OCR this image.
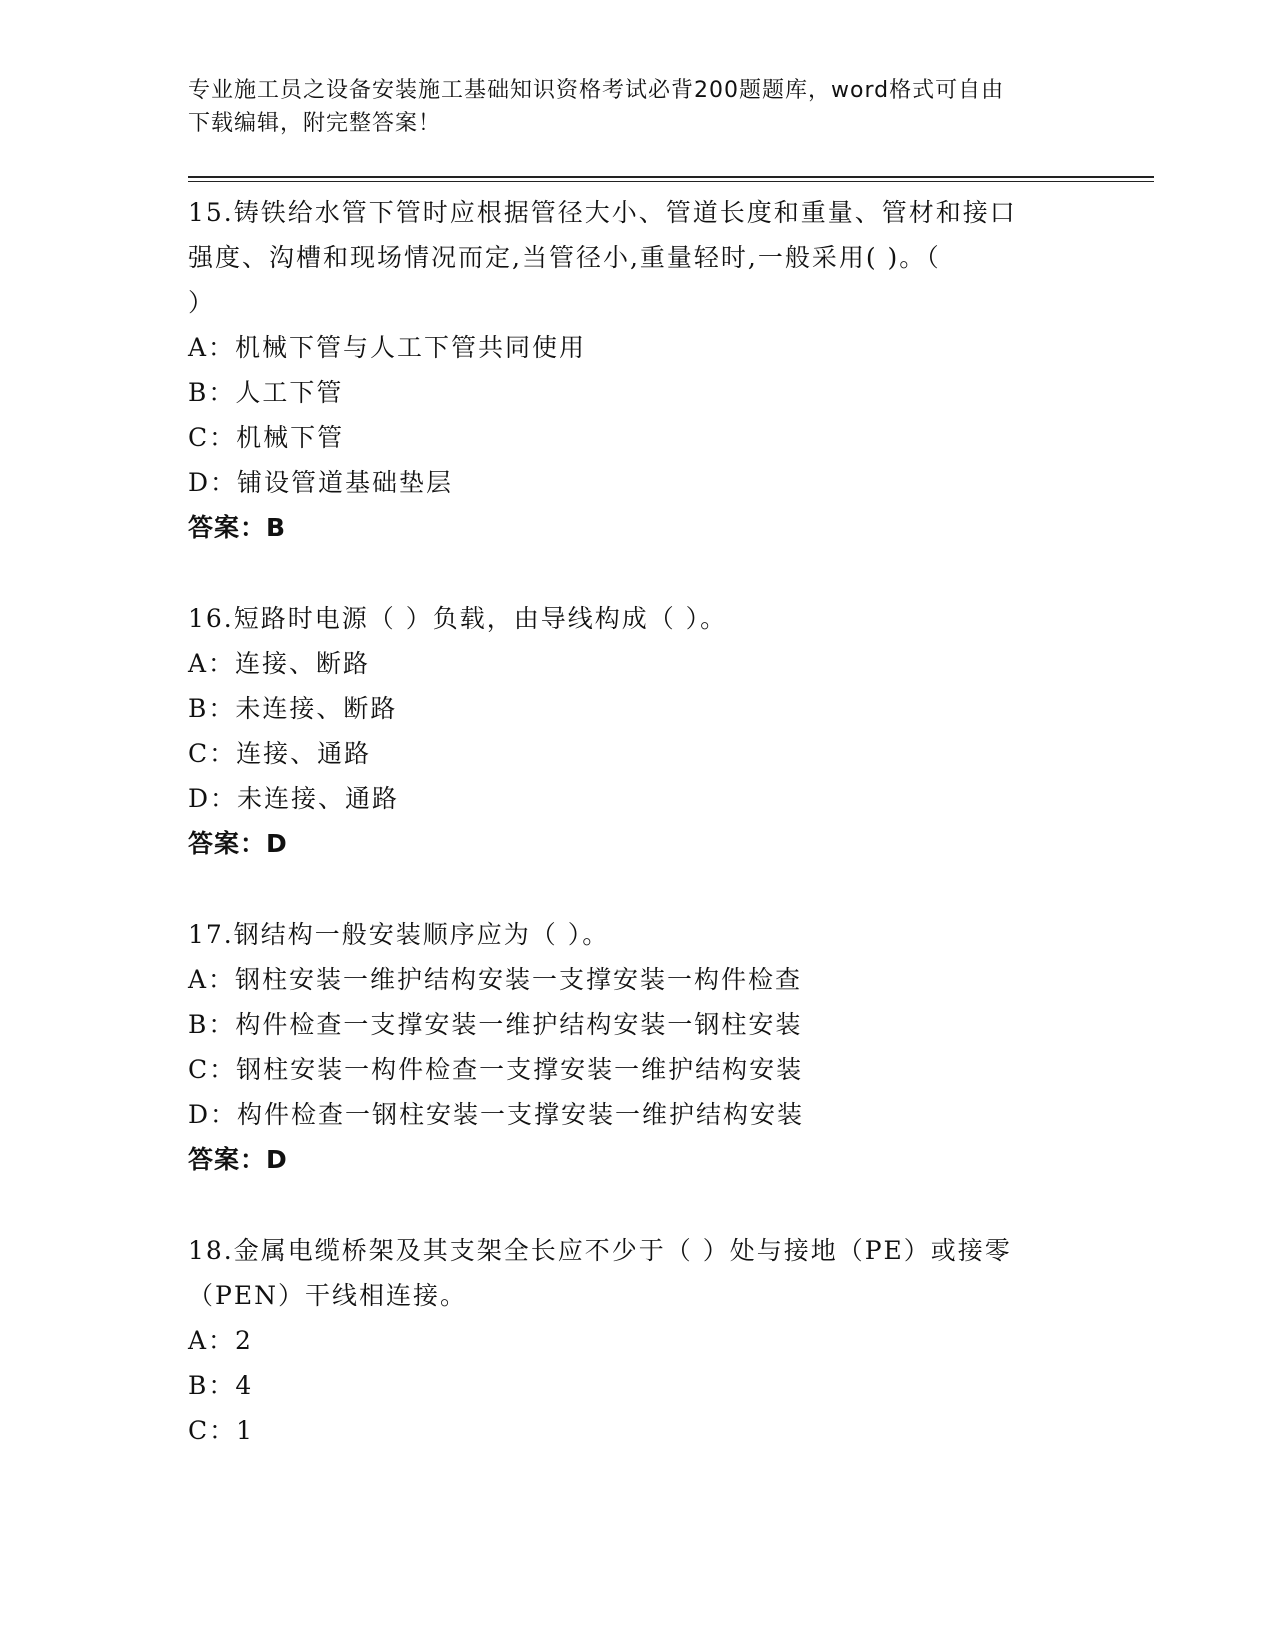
专业施工员之设备安装施工基础知识资格考试必背200题题库，word格式可自由
下载编辑，附完整答案！
15.铸铁给水管下管时应根据管径大小、管道长度和重量、管材和接口
强度、沟槽和现场情况而定,当管径小,重量轻时,一般采用( )。（
）
A：机械下管与人工下管共同使用
B：人工下管
C：机械下管
D：铺设管道基础垫层
答案：B
16.短路时电源（ ）负载，由导线构成（ ）。
A：连接、断路
B：未连接、断路
C：连接、通路
D：未连接、通路
答案：D
17.钢结构一般安装顺序应为（ ）。
A：钢柱安装一维护结构安装一支撑安装一构件检查
B：构件检查一支撑安装一维护结构安装一钢柱安装
C：钢柱安装一构件检查一支撑安装一维护结构安装
D：构件检查一钢柱安装一支撑安装一维护结构安装
答案：D
18.金属电缆桥架及其支架全长应不少于（ ）处与接地（PE）或接零
（PEN）干线相连接。
A：2
B：4
C：1
